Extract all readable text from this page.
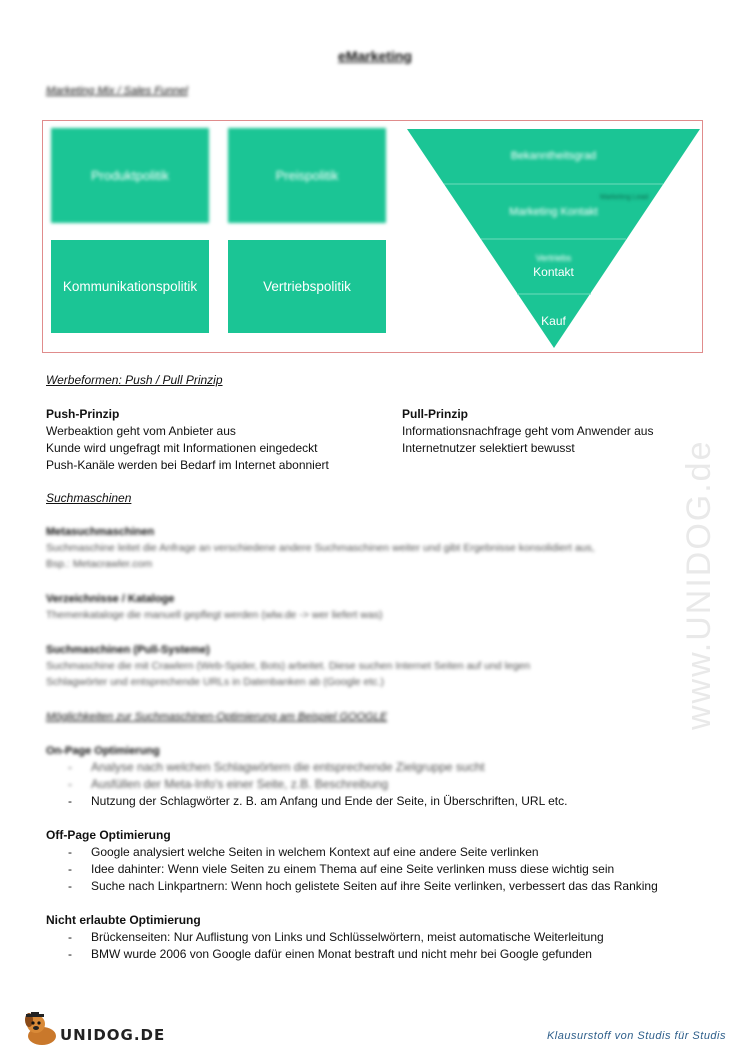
eMarketing
Marketing Mix / Sales Funnel
Produktpolitik	Preispolitik
Kommunikationspolitik	Vertriebspolitik
Bekanntheitsgrad
Marketing Kontakt
Marketing Lead
Vertriebs
Kontakt
Kauf
Werbeformen: Push / Pull Prinzip
Push-Prinzip
Werbeaktion geht vom Anbieter aus
Kunde wird ungefragt mit Informationen eingedeckt
Push-Kanäle werden bei Bedarf im Internet abonniert
Pull-Prinzip
Informationsnachfrage geht vom Anwender aus
Internetnutzer selektiert bewusst
Suchmaschinen
Metasuchmaschinen
Suchmaschine leitet die Anfrage an verschiedene andere Suchmaschinen weiter und gibt Ergebnisse konsolidiert aus,
Bsp.: Metacrawler.com
Verzeichnisse / Kataloge
Themenkataloge die manuell gepflegt werden (wlw.de -> wer liefert was)
Suchmaschinen (Pull-Systeme)
Suchmaschine die mit Crawlern (Web-Spider, Bots) arbeitet. Diese suchen Internet Seiten auf und legen
Schlagwörter und entsprechende URLs in Datenbanken ab (Google etc.)
Möglichkeiten zur Suchmaschinen-Optimierung am Beispiel GOOGLE
On-Page Optimierung
- Analyse nach welchen Schlagwörtern die entsprechende Zielgruppe sucht
- Ausfüllen der Meta-Info's einer Seite, z.B. Beschreibung
- Nutzung der Schlagwörter z. B. am Anfang und Ende der Seite, in Überschriften, URL etc.
Off-Page Optimierung
- Google analysiert welche Seiten in welchem Kontext auf eine andere Seite verlinken
- Idee dahinter: Wenn viele Seiten zu einem Thema auf eine Seite verlinken muss diese wichtig sein
- Suche nach Linkpartnern: Wenn hoch gelistete Seiten auf ihre Seite verlinken, verbessert das das Ranking
Nicht erlaubte Optimierung
- Brückenseiten: Nur Auflistung von Links und Schlüsselwörtern, meist automatische Weiterleitung
- BMW wurde 2006 von Google dafür einen Monat bestraft und nicht mehr bei Google gefunden
www.UNIDOG.de
UNIDOG.DE	Klausurstoff von Studis für Studis
